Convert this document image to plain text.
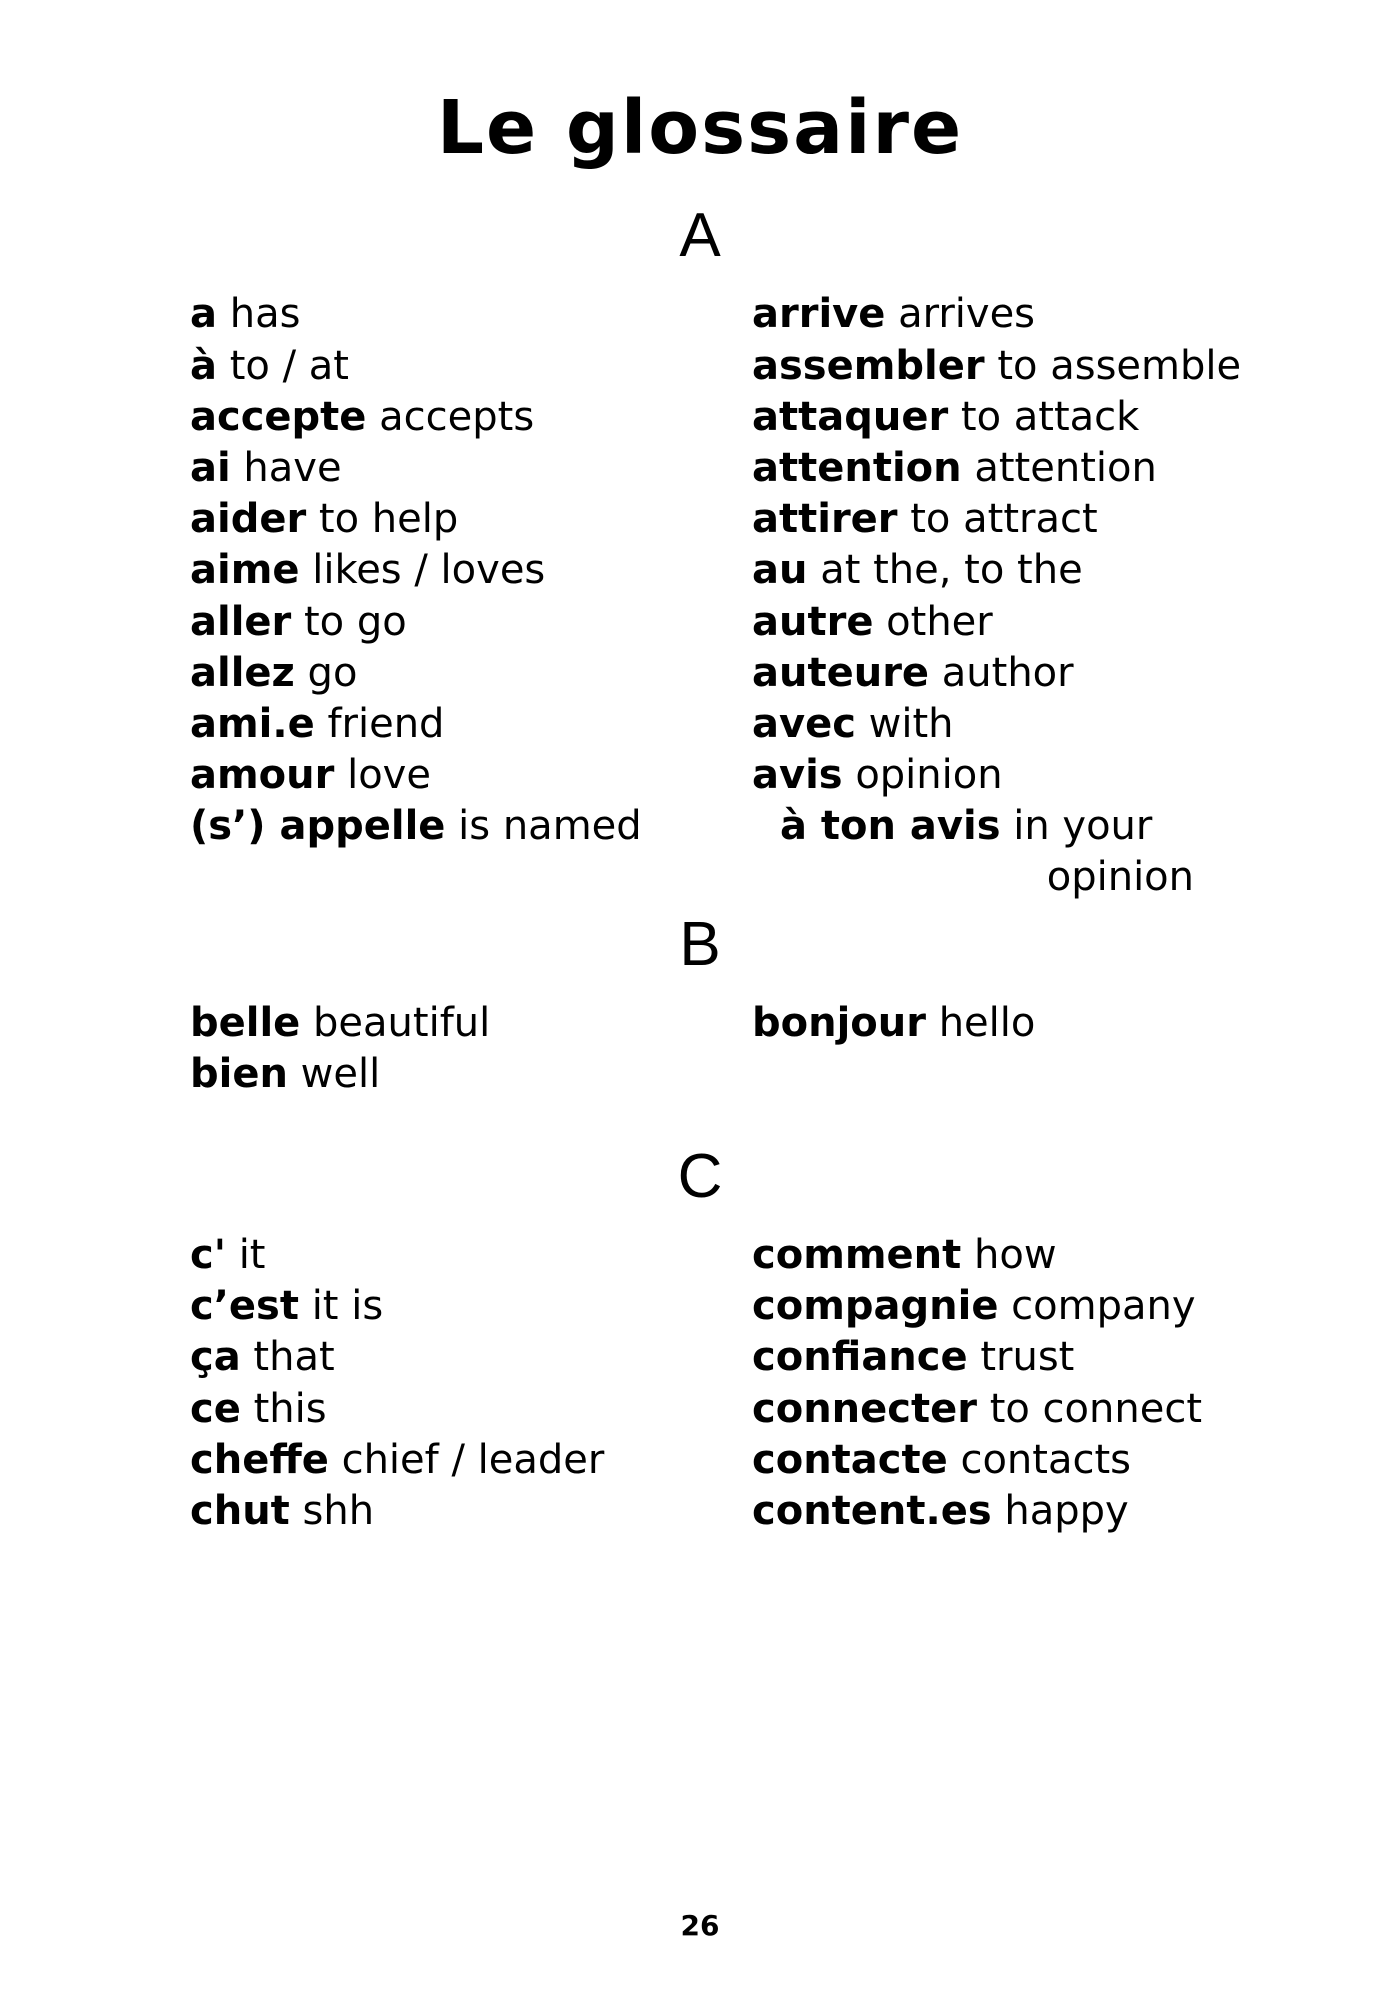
Le glossaire
A
a has
à to / at
accepte accepts
ai have
aider to help
aime likes / loves
aller to go
allez go
ami.e friend
amour love
(s’) appelle is named
arrive arrives
assembler to assemble
attaquer to attack
attention attention
attirer to attract
au at the, to the
autre other
auteure author
avec with
avis opinion
à ton avis in your
opinion
B
belle beautiful
bien well
bonjour hello
C
c' it
c’est it is
ça that
ce this
cheffe chief / leader
chut shh
comment how
compagnie company
confiance trust
connecter to connect
contacte contacts
content.es happy
26
